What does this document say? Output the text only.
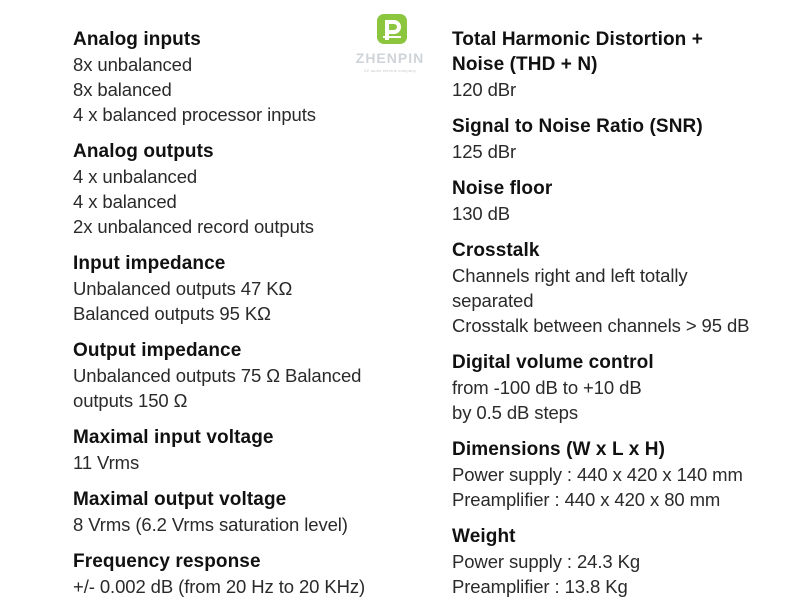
ZHENPIN
ZZ audio electric company
Analog inputs
8x unbalanced
8x balanced
4 x balanced processor inputs
Analog outputs
4 x unbalanced
4 x balanced
2x unbalanced record outputs
Input impedance
Unbalanced outputs 47 KΩ
Balanced outputs 95 KΩ
Output impedance
Unbalanced outputs 75 Ω Balanced
outputs 150 Ω
Maximal input voltage
11 Vrms
Maximal output voltage
8 Vrms (6.2 Vrms saturation level)
Frequency response
+/- 0.002 dB (from 20 Hz to 20 KHz)
Total Harmonic Distortion +
Noise (THD + N)
120 dBr
Signal to Noise Ratio (SNR)
125 dBr
Noise floor
130 dB
Crosstalk
Channels right and left totally
separated
Crosstalk between channels > 95 dB
Digital volume control
from -100 dB to +10 dB
by 0.5 dB steps
Dimensions (W x L x H)
Power supply : 440 x 420 x 140 mm
Preamplifier : 440 x 420 x 80 mm
Weight
Power supply : 24.3 Kg
Preamplifier : 13.8 Kg
